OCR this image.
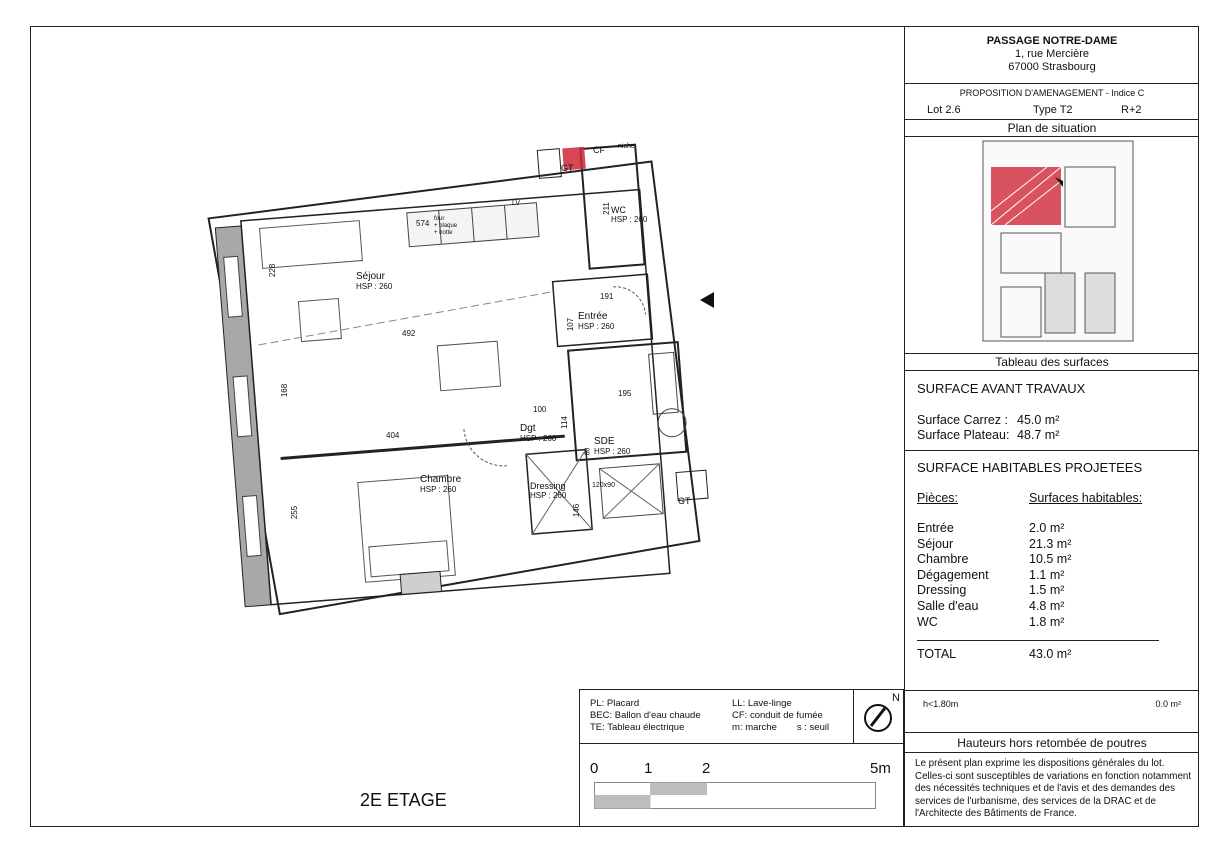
Séjour
HSP : 260
Chambre
HSP : 260
Entrée
HSP : 260
Dgt
HSP : 260	SDE
HSP : 260
Dressing
HSP : 260
WC
HSP : 260
CF niche
GT
GT
LV
four
+ plaque
+ hotte
574
492
404
228
168
255
191
107
100
114
195
211
146
80
120x90
2E ETAGE
PL: Placard
BEC: Ballon d'eau chaude
TE: Tableau électrique
LL: Lave-linge
CF: conduit de fumée
m: marche s : seuil
N
0	1	2	5m
PASSAGE NOTRE-DAME
1, rue Mercière
67000 Strasbourg
PROPOSITION D'AMENAGEMENT - Indice C
Lot 2.6	Type T2	R+2
Plan de situation
Tableau des surfaces
SURFACE AVANT TRAVAUX
Surface Carrez : 45.0 m²
Surface Plateau: 48.7 m²
SURFACE HABITABLES PROJETEES
Pièces:	Surfaces habitables:
Entrée	2.0 m²
Séjour	21.3 m²
Chambre	10.5 m²
Dégagement	1.1 m²
Dressing	1.5 m²
Salle d'eau	4.8 m²
WC	1.8 m²
TOTAL	43.0 m²
h<1.80m	0.0 m²
Hauteurs hors retombée de poutres
Le présent plan exprime les dispositions générales du lot. Celles-ci sont susceptibles de variations en fonction notamment des nécessités techniques et de l'avis et des demandes des services de l'urbanisme, des services de la DRAC et de l'Architecte des Bâtiments de France.
